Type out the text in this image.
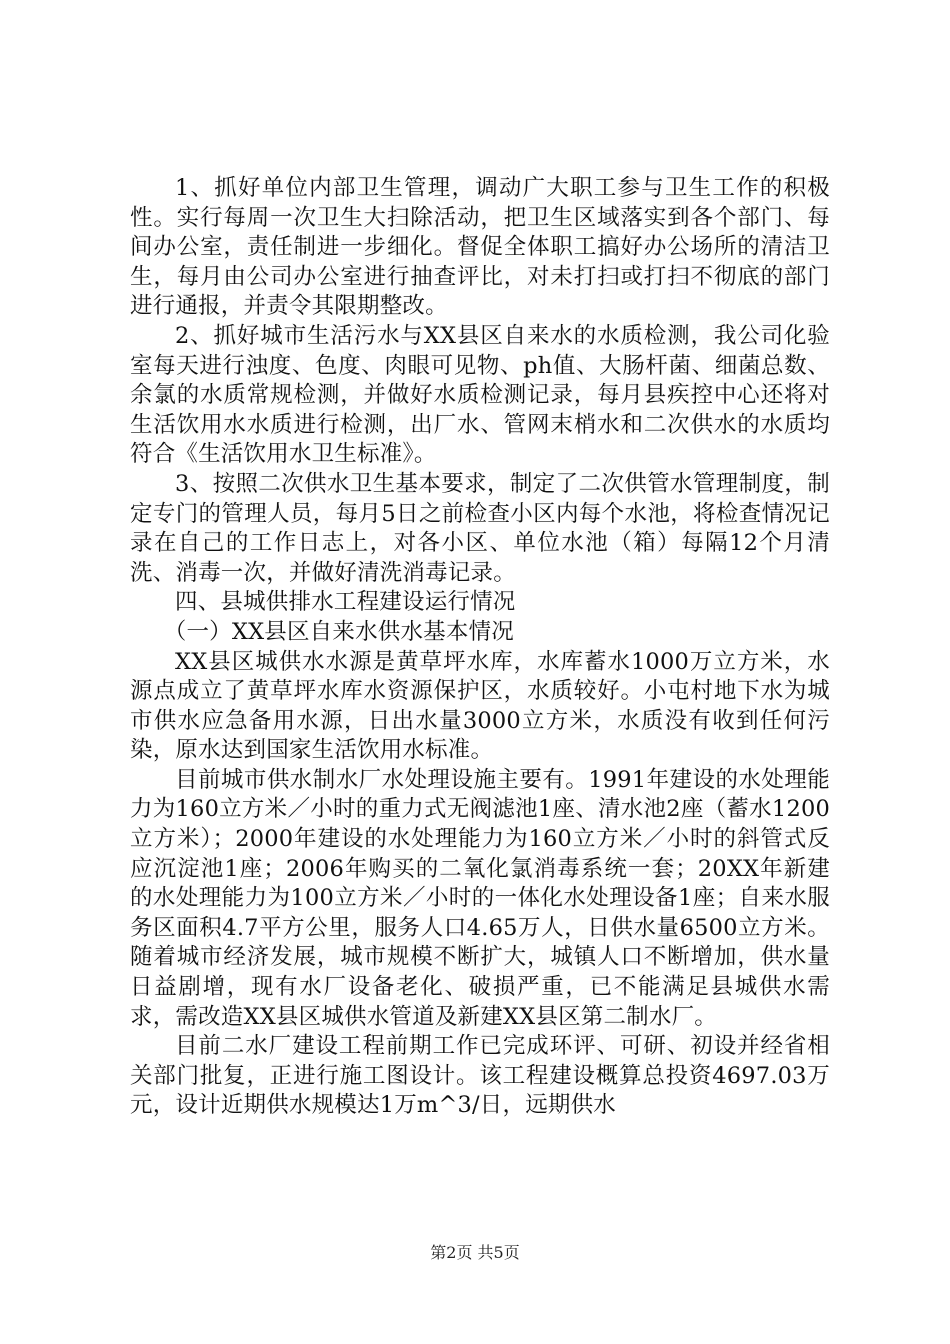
1、抓好单位内部卫生管理，调动广大职工参与卫生工作的积极性。实行每周一次卫生大扫除活动，把卫生区域落实到各个部门、每间办公室，责任制进一步细化。督促全体职工搞好办公场所的清洁卫生，每月由公司办公室进行抽查评比，对未打扫或打扫不彻底的部门进行通报，并责令其限期整改。

2、抓好城市生活污水与XX县区自来水的水质检测，我公司化验室每天进行浊度、色度、肉眼可见物、ph值、大肠杆菌、细菌总数、余氯的水质常规检测，并做好水质检测记录，每月县疾控中心还将对生活饮用水水质进行检测，出厂水、管网末梢水和二次供水的水质均符合《生活饮用水卫生标准》。

3、按照二次供水卫生基本要求，制定了二次供管水管理制度，制定专门的管理人员，每月5日之前检查小区内每个水池，将检查情况记录在自己的工作日志上，对各小区、单位水池（箱）每隔12个月清洗、消毒一次，并做好清洗消毒记录。

四、县城供排水工程建设运行情况

（一）XX县区自来水供水基本情况

XX县区城供水水源是黄草坪水库，水库蓄水1000万立方米，水源点成立了黄草坪水库水资源保护区，水质较好。小屯村地下水为城市供水应急备用水源，日出水量3000立方米，水质没有收到任何污染，原水达到国家生活饮用水标准。

目前城市供水制水厂水处理设施主要有。1991年建设的水处理能力为160立方米／小时的重力式无阀滤池1座、清水池2座（蓄水1200立方米）；2000年建设的水处理能力为160立方米／小时的斜管式反应沉淀池1座；2006年购买的二氧化氯消毒系统一套；20XX年新建的水处理能力为100立方米／小时的一体化水处理设备1座；自来水服务区面积4.7平方公里，服务人口4.65万人，日供水量6500立方米。随着城市经济发展，城市规模不断扩大，城镇人口不断增加，供水量日益剧增，现有水厂设备老化、破损严重，已不能满足县城供水需求，需改造XX县区城供水管道及新建XX县区第二制水厂。

目前二水厂建设工程前期工作已完成环评、可研、初设并经省相关部门批复，正进行施工图设计。该工程建设概算总投资4697.03万元，设计近期供水规模达1万m^3/日，远期供水

第2页 共5页
